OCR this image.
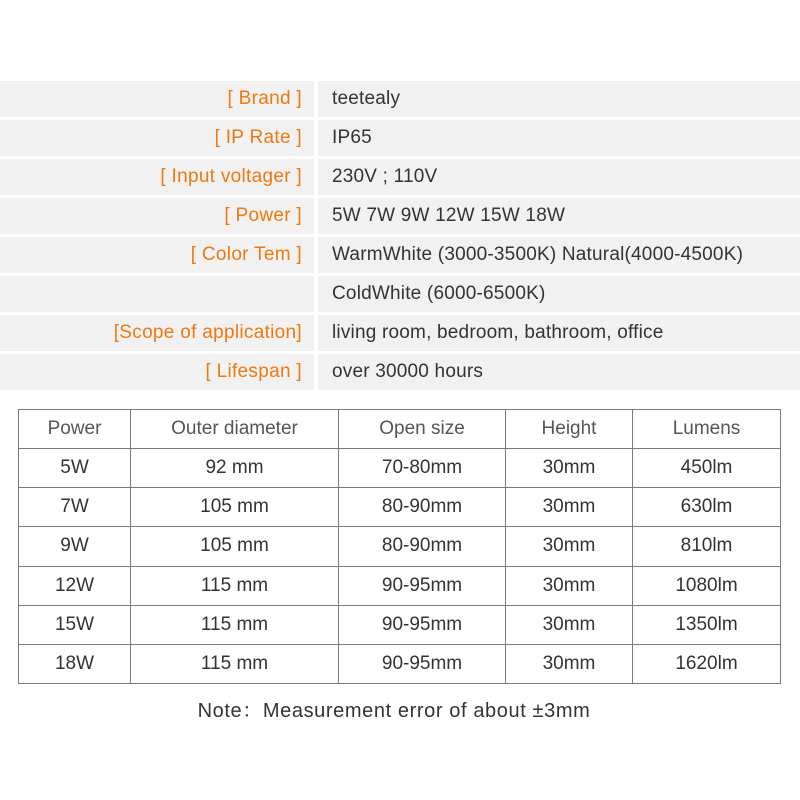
[ Brand ]		teetealy
[ IP Rate ]		IP65
[ Input voltager ]		230V ; 110V
[ Power ]		5W 7W 9W 12W 15W 18W
[ Color Tem ]		WarmWhite (3000-3500K) Natural(4000-4500K)
		ColdWhite (6000-6500K)
[Scope of application]		living room, bedroom, bathroom, office
[ Lifespan ]		over 30000 hours
Power	Outer diameter	Open size	Height	Lumens
5W	92 mm	70-80mm	30mm	450lm
7W	105 mm	80-90mm	30mm	630lm
9W	105 mm	80-90mm	30mm	810lm
12W	115 mm	90-95mm	30mm	1080lm
15W	115 mm	90-95mm	30mm	1350lm
18W	115 mm	90-95mm	30mm	1620lm
Note：Measurement error of about ±3mm
